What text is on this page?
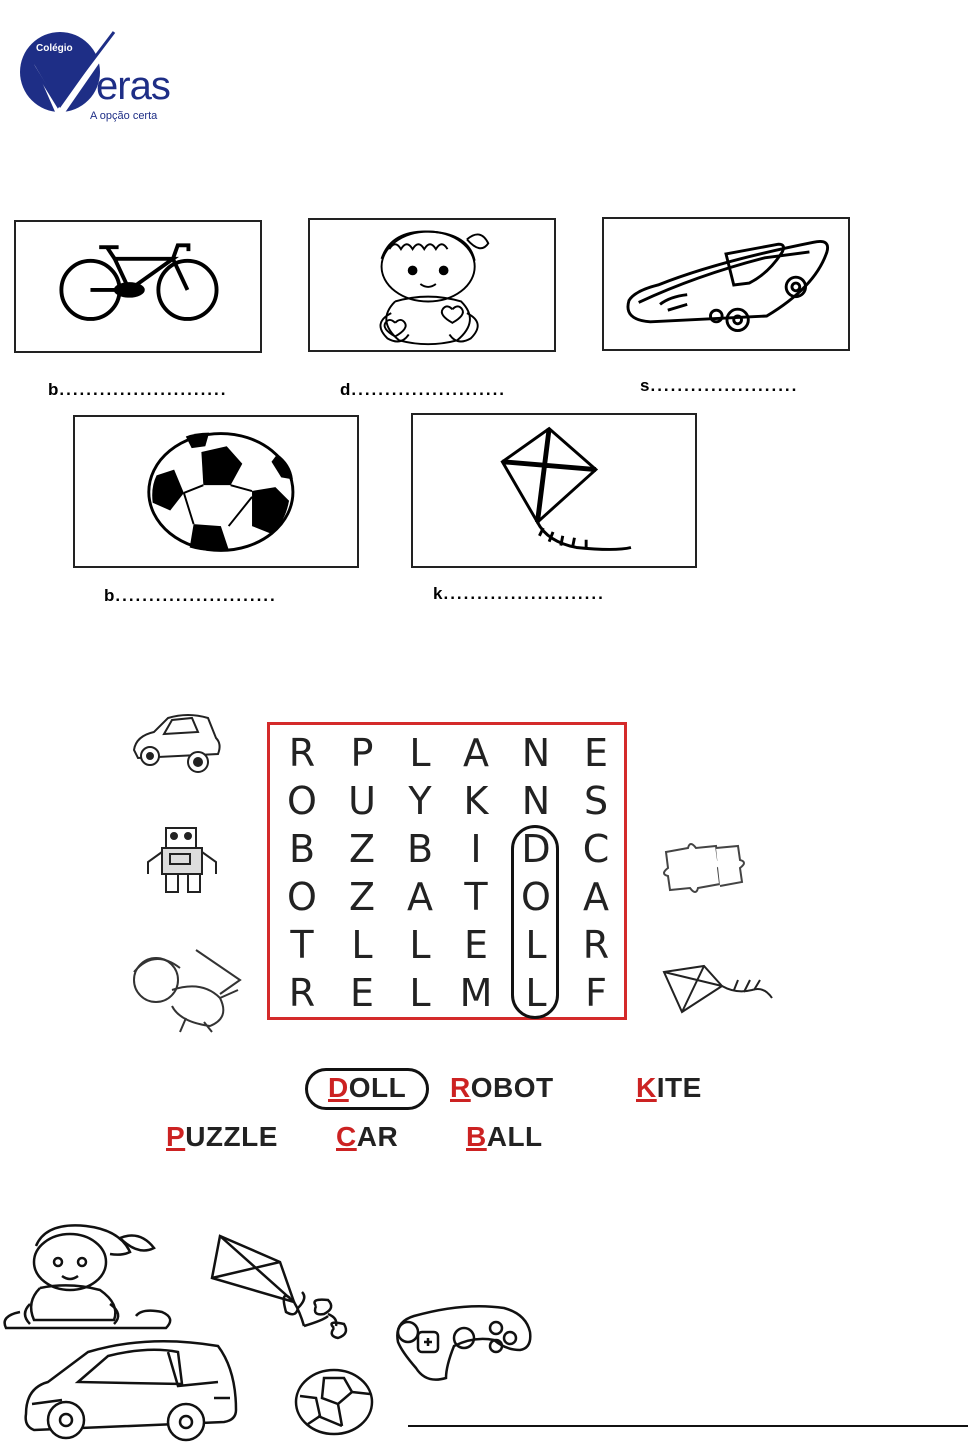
Colégio
eras
A opção certa
b.........................	d.......................	s......................
b........................	k........................
R P L A N E
O U Y K N S
B Z B I	D C
O Z A T O A
T L L E L R
R E L M L F
DOLL ROBOT	KITE
PUZZLE CAR BALL
